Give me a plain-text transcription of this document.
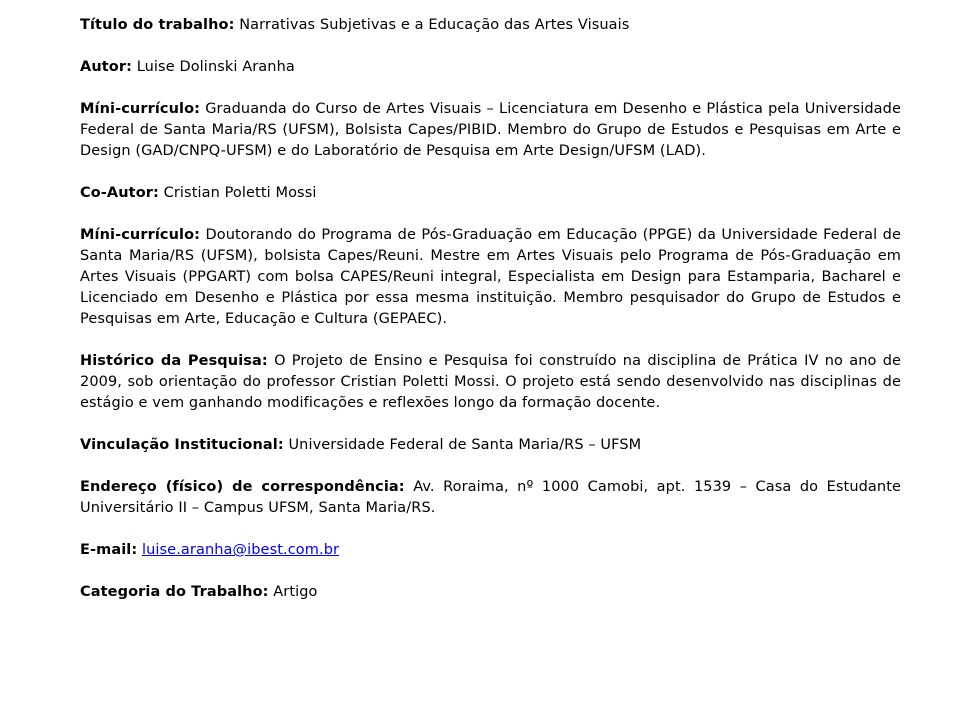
Título do trabalho: Narrativas Subjetivas e a Educação das Artes Visuais

Autor: Luise Dolinski Aranha

Míni-currículo: Graduanda do Curso de Artes Visuais – Licenciatura em Desenho e Plástica pela Universidade Federal de Santa Maria/RS (UFSM), Bolsista Capes/PIBID. Membro do Grupo de Estudos e Pesquisas em Arte e Design (GAD/CNPQ-UFSM) e do Laboratório de Pesquisa em Arte Design/UFSM (LAD).

Co-Autor: Cristian Poletti Mossi

Míni-currículo: Doutorando do Programa de Pós-Graduação em Educação (PPGE) da Universidade Federal de Santa Maria/RS (UFSM), bolsista Capes/Reuni. Mestre em Artes Visuais pelo Programa de Pós-Graduação em Artes Visuais (PPGART) com bolsa CAPES/Reuni integral, Especialista em Design para Estamparia, Bacharel e Licenciado em Desenho e Plástica por essa mesma instituição. Membro pesquisador do Grupo de Estudos e Pesquisas em Arte, Educação e Cultura (GEPAEC).

Histórico da Pesquisa: O Projeto de Ensino e Pesquisa foi construído na disciplina de Prática IV no ano de 2009, sob orientação do professor Cristian Poletti Mossi. O projeto está sendo desenvolvido nas disciplinas de estágio e vem ganhando modificações e reflexões longo da formação docente.

Vinculação Institucional: Universidade Federal de Santa Maria/RS – UFSM

Endereço (físico) de correspondência: Av. Roraima, nº 1000 Camobi, apt. 1539 – Casa do Estudante Universitário II – Campus UFSM, Santa Maria/RS.

E-mail: luise.aranha@ibest.com.br

Categoria do Trabalho: Artigo
